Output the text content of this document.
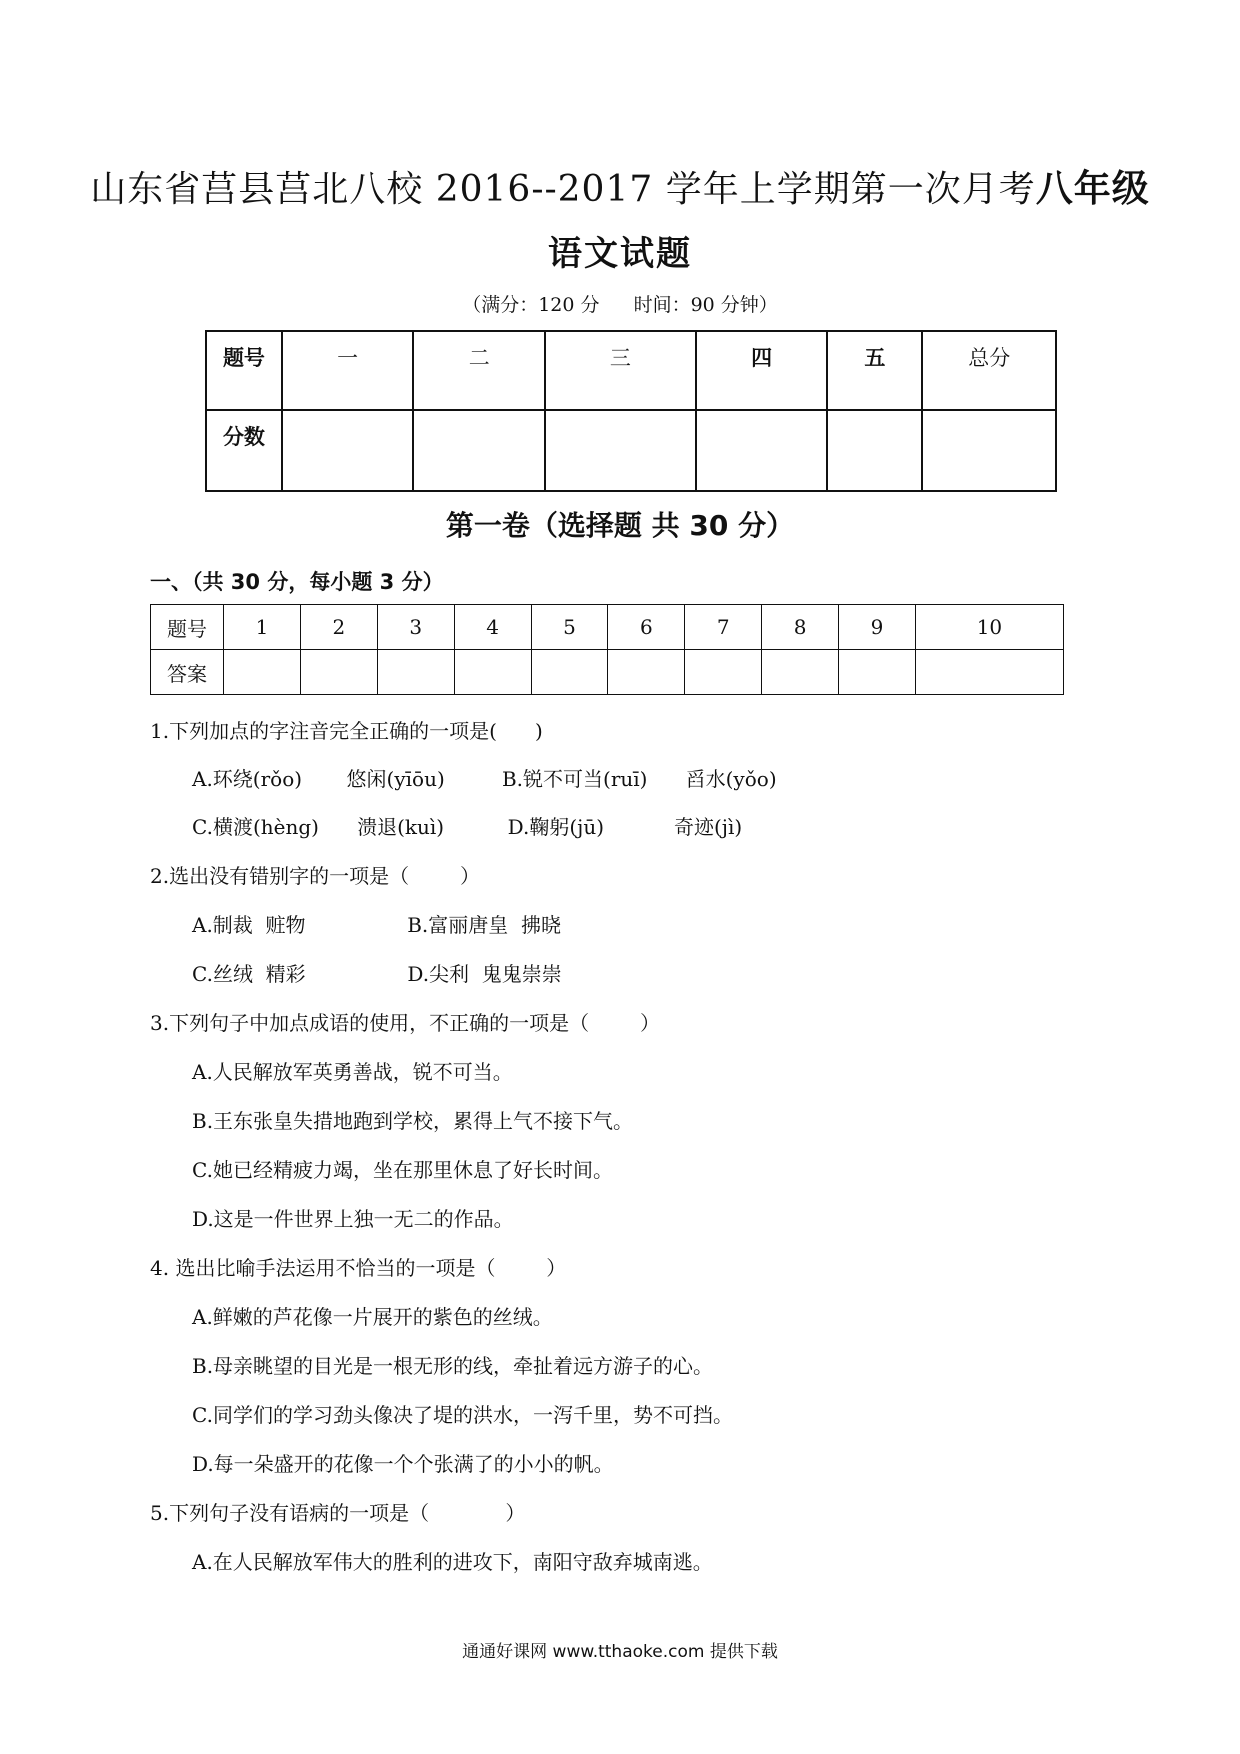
山东省莒县莒北八校 2016--2017 学年上学期第一次月考八年级
语文试题
（满分：120 分 时间：90 分钟）
题号	一	二	三	四	五	总分
分数						
第一卷（选择题 共 30 分）
一、（共 30 分，每小题 3 分）
题号	1	2	3	4	5	6	7	8	9	10
答案										
1.下列加点的字注音完全正确的一项是(      )
A.环绕(rǒo)       悠闲(yīōu)         B.锐不可当(ruī)      舀水(yǒo)
C.横渡(hèng)      溃退(kuì)          D.鞠躬(jū)           奇迹(jì)
2.选出没有错别字的一项是（        ）
A.制裁  赃物                B.富丽唐皇  拂晓
C.丝绒  精彩                D.尖利  鬼鬼崇崇
3.下列句子中加点成语的使用，不正确的一项是（        ）
A.人民解放军英勇善战，锐不可当。
B.王东张皇失措地跑到学校，累得上气不接下气。
C.她已经精疲力竭，坐在那里休息了好长时间。
D.这是一件世界上独一无二的作品。
4. 选出比喻手法运用不恰当的一项是（        ）
A.鲜嫩的芦花像一片展开的紫色的丝绒。
B.母亲眺望的目光是一根无形的线，牵扯着远方游子的心。
C.同学们的学习劲头像决了堤的洪水，一泻千里，势不可挡。
D.每一朵盛开的花像一个个张满了的小小的帆。
5.下列句子没有语病的一项是（            ）
A.在人民解放军伟大的胜利的进攻下，南阳守敌弃城南逃。
通通好课网 www.tthaoke.com 提供下载
